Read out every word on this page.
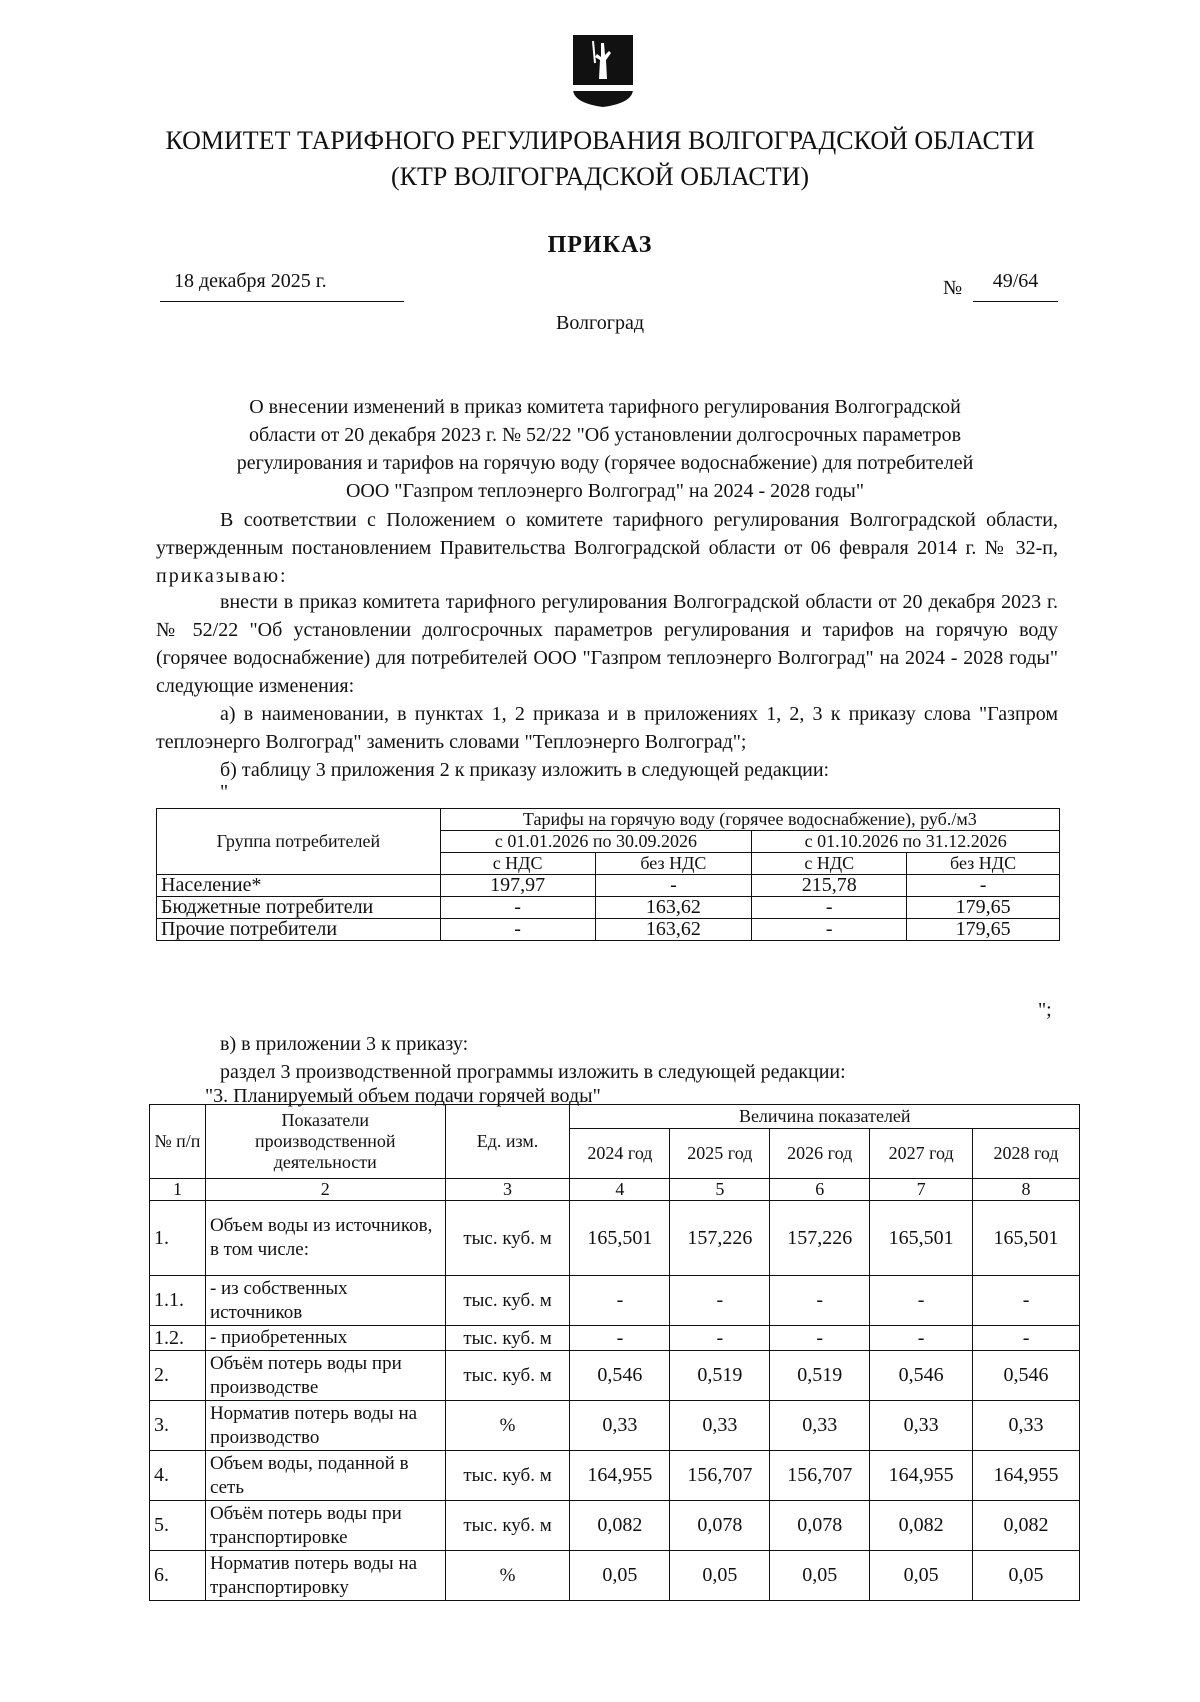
КОМИТЕТ ТАРИФНОГО РЕГУЛИРОВАНИЯ ВОЛГОГРАДСКОЙ ОБЛАСТИ
(КТР ВОЛГОГРАДСКОЙ ОБЛАСТИ)
ПРИКАЗ
18 декабря 2025 г.	№	49/64
Волгоград
О внесении изменений в приказ комитета тарифного регулирования Волгоградской
области от 20 декабря 2023 г. № 52/22 "Об установлении долгосрочных параметров
регулирования и тарифов на горячую воду (горячее водоснабжение) для потребителей
ООО "Газпром теплоэнерго Волгоград" на 2024 - 2028 годы"
В соответствии с Положением о комитете тарифного регулирования Волгоградской области, утвержденным постановлением Правительства Волгоградской области от 06 февраля 2014 г. № 32-п, приказываю:
внести в приказ комитета тарифного регулирования Волгоградской области от 20 декабря 2023 г. № 52/22 "Об установлении долгосрочных параметров регулирования и тарифов на горячую воду (горячее водоснабжение) для потребителей ООО "Газпром теплоэнерго Волгоград" на 2024 - 2028 годы" следующие изменения:
а) в наименовании, в пунктах 1, 2 приказа и в приложениях 1, 2, 3 к приказу слова "Газпром теплоэнерго Волгоград" заменить словами "Теплоэнерго Волгоград";
б) таблицу 3 приложения 2 к приказу изложить в следующей редакции:
"
Группа потребителей	Тарифы на горячую воду (горячее водоснабжение), руб./м3			
	с 01.01.2026 по 30.09.2026		с 01.10.2026 по 31.12.2026	
	с НДС	без НДС	с НДС	без НДС
Население*	197,97	-	215,78	-
Бюджетные потребители	-	163,62	-	179,65
Прочие потребители	-	163,62	-	179,65
";
в) в приложении 3 к приказу:
раздел 3 производственной программы изложить в следующей редакции:
"3. Планируемый объем подачи горячей воды"
№ п/п	Показатели производственной деятельности	Ед. изм.	Величина показателей				
			2024 год	2025 год	2026 год	2027 год	2028 год
1	2	3	4	5	6	7	8
1.	Объем воды из источников, в том числе:	тыс. куб. м	165,501	157,226	157,226	165,501	165,501
1.1.	- из собственных источников	тыс. куб. м	-	-	-	-	-
1.2.	- приобретенных	тыс. куб. м	-	-	-	-	-
2.	Объём потерь воды при производстве	тыс. куб. м	0,546	0,519	0,519	0,546	0,546
3.	Норматив потерь воды на производство	%	0,33	0,33	0,33	0,33	0,33
4.	Объем воды, поданной в сеть	тыс. куб. м	164,955	156,707	156,707	164,955	164,955
5.	Объём потерь воды при транспортировке	тыс. куб. м	0,082	0,078	0,078	0,082	0,082
6.	Норматив потерь воды на транспортировку	%	0,05	0,05	0,05	0,05	0,05
